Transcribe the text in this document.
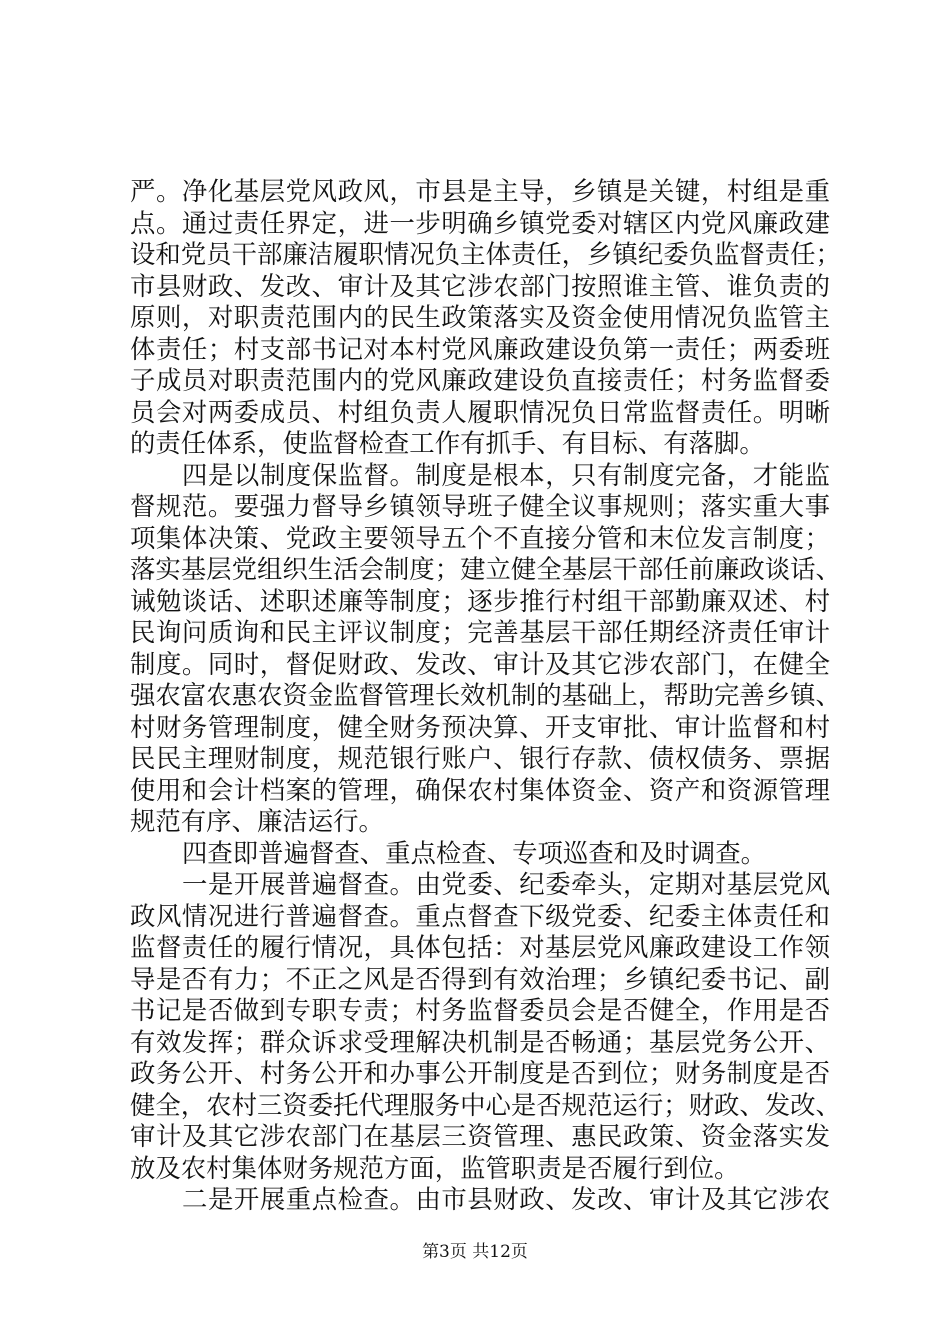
严。净化基层党风政风，市县是主导，乡镇是关键，村组是重
点。通过责任界定，进一步明确乡镇党委对辖区内党风廉政建
设和党员干部廉洁履职情况负主体责任，乡镇纪委负监督责任；
市县财政、发改、审计及其它涉农部门按照谁主管、谁负责的
原则，对职责范围内的民生政策落实及资金使用情况负监管主
体责任；村支部书记对本村党风廉政建设负第一责任；两委班
子成员对职责范围内的党风廉政建设负直接责任；村务监督委
员会对两委成员、村组负责人履职情况负日常监督责任。明晰
的责任体系，使监督检查工作有抓手、有目标、有落脚。
四是以制度保监督。制度是根本，只有制度完备，才能监
督规范。要强力督导乡镇领导班子健全议事规则；落实重大事
项集体决策、党政主要领导五个不直接分管和末位发言制度；
落实基层党组织生活会制度；建立健全基层干部任前廉政谈话、
诫勉谈话、述职述廉等制度；逐步推行村组干部勤廉双述、村
民询问质询和民主评议制度；完善基层干部任期经济责任审计
制度。同时，督促财政、发改、审计及其它涉农部门，在健全
强农富农惠农资金监督管理长效机制的基础上，帮助完善乡镇、
村财务管理制度，健全财务预决算、开支审批、审计监督和村
民民主理财制度，规范银行账户、银行存款、债权债务、票据
使用和会计档案的管理，确保农村集体资金、资产和资源管理
规范有序、廉洁运行。
四查即普遍督查、重点检查、专项巡查和及时调查。
一是开展普遍督查。由党委、纪委牵头，定期对基层党风
政风情况进行普遍督查。重点督查下级党委、纪委主体责任和
监督责任的履行情况，具体包括：对基层党风廉政建设工作领
导是否有力；不正之风是否得到有效治理；乡镇纪委书记、副
书记是否做到专职专责；村务监督委员会是否健全，作用是否
有效发挥；群众诉求受理解决机制是否畅通；基层党务公开、
政务公开、村务公开和办事公开制度是否到位；财务制度是否
健全，农村三资委托代理服务中心是否规范运行；财政、发改、
审计及其它涉农部门在基层三资管理、惠民政策、资金落实发
放及农村集体财务规范方面，监管职责是否履行到位。
二是开展重点检查。由市县财政、发改、审计及其它涉农
第3页 共12页
